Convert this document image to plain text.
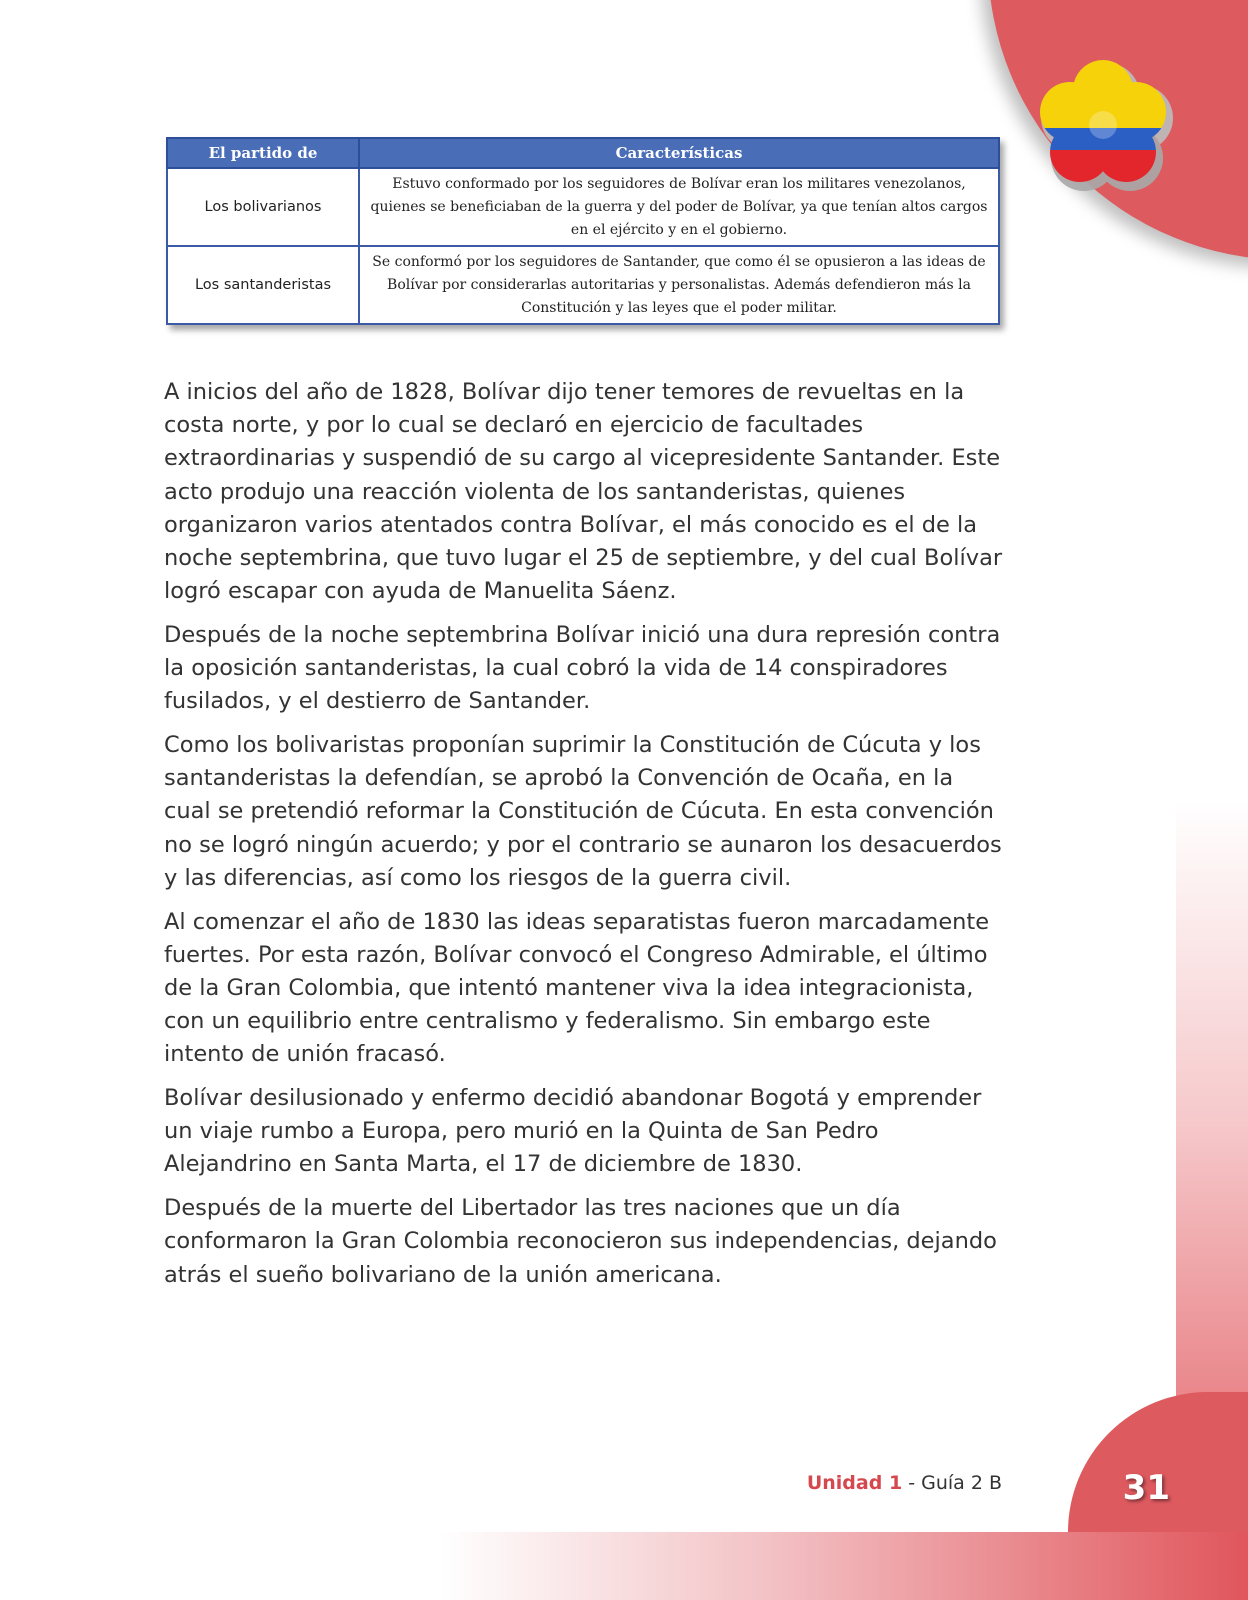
31
El partido de	Características
Los bolivarianos	Estuvo conformado por los seguidores de Bolívar eran los militares venezolanos, quienes se beneficiaban de la guerra y del poder de Bolívar, ya que tenían altos cargos en el ejército y en el gobierno.
Los santanderistas	Se conformó por los seguidores de Santander, que como él se opusieron a las ideas de Bolívar por considerarlas autoritarias y personalistas. Además defendieron más la Constitución y las leyes que el poder militar.

A inicios del año de 1828, Bolívar dijo tener temores de revueltas en la costa norte, y por lo cual se declaró en ejercicio de facultades extraordinarias y suspendió de su cargo al vicepresidente Santander. Este acto produjo una reacción violenta de los santanderistas, quienes organizaron varios atentados contra Bolívar, el más conocido es el de la noche septembrina, que tuvo lugar el 25 de septiembre, y del cual Bolívar logró escapar con ayuda de Manuelita Sáenz.

Después de la noche septembrina Bolívar inició una dura represión contra la oposición santanderistas, la cual cobró la vida de 14 conspiradores fusilados, y el destierro de Santander.

Como los bolivaristas proponían suprimir la Constitución de Cúcuta y los santanderistas la defendían, se aprobó la Convención de Ocaña, en la cual se pretendió reformar la Constitución de Cúcuta. En esta convención no se logró ningún acuerdo; y por el contrario se aunaron los desacuerdos y las diferencias, así como los riesgos de la guerra civil.

Al comenzar el año de 1830 las ideas separatistas fueron marcadamente fuertes. Por esta razón, Bolívar convocó el Congreso Admirable, el último de la Gran Colombia, que intentó mantener viva la idea integracionista, con un equilibrio entre centralismo y federalismo. Sin embargo este intento de unión fracasó.

Bolívar desilusionado y enfermo decidió abandonar Bogotá y emprender un viaje rumbo a Europa, pero murió en la Quinta de San Pedro Alejandrino en Santa Marta, el 17 de diciembre de 1830.

Después de la muerte del Libertador las tres naciones que un día conformaron la Gran Colombia reconocieron sus independencias, dejando atrás el sueño bolivariano de la unión americana.

Unidad 1 - Guía 2 B
